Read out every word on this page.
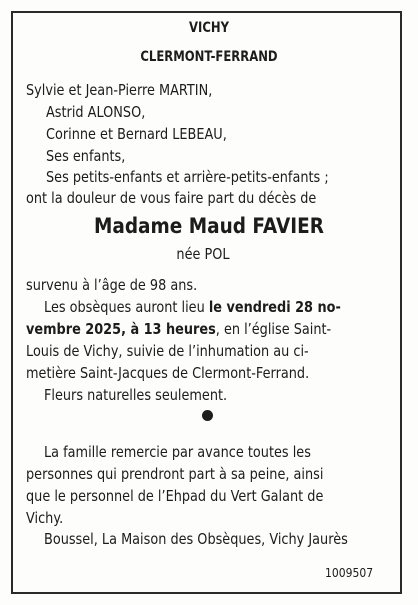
VICHY
CLERMONT-FERRAND
Sylvie et Jean-Pierre MARTIN,
Astrid ALONSO,
Corinne et Bernard LEBEAU,
Ses enfants,
Ses petits-enfants et arrière-petits-enfants ;
ont la douleur de vous faire part du décès de
Madame Maud FAVIER
née POL
survenu à l’âge de 98 ans.
Les obsèques auront lieu le vendredi 28 no-
vembre 2025, à 13 heures, en l’église Saint-
Louis de Vichy, suivie de l’inhumation au ci-
metière Saint-Jacques de Clermont-Ferrand.
Fleurs naturelles seulement.
La famille remercie par avance toutes les
personnes qui prendront part à sa peine, ainsi
que le personnel de l’Ehpad du Vert Galant de
Vichy.
Boussel, La Maison des Obsèques, Vichy Jaurès
1009507
